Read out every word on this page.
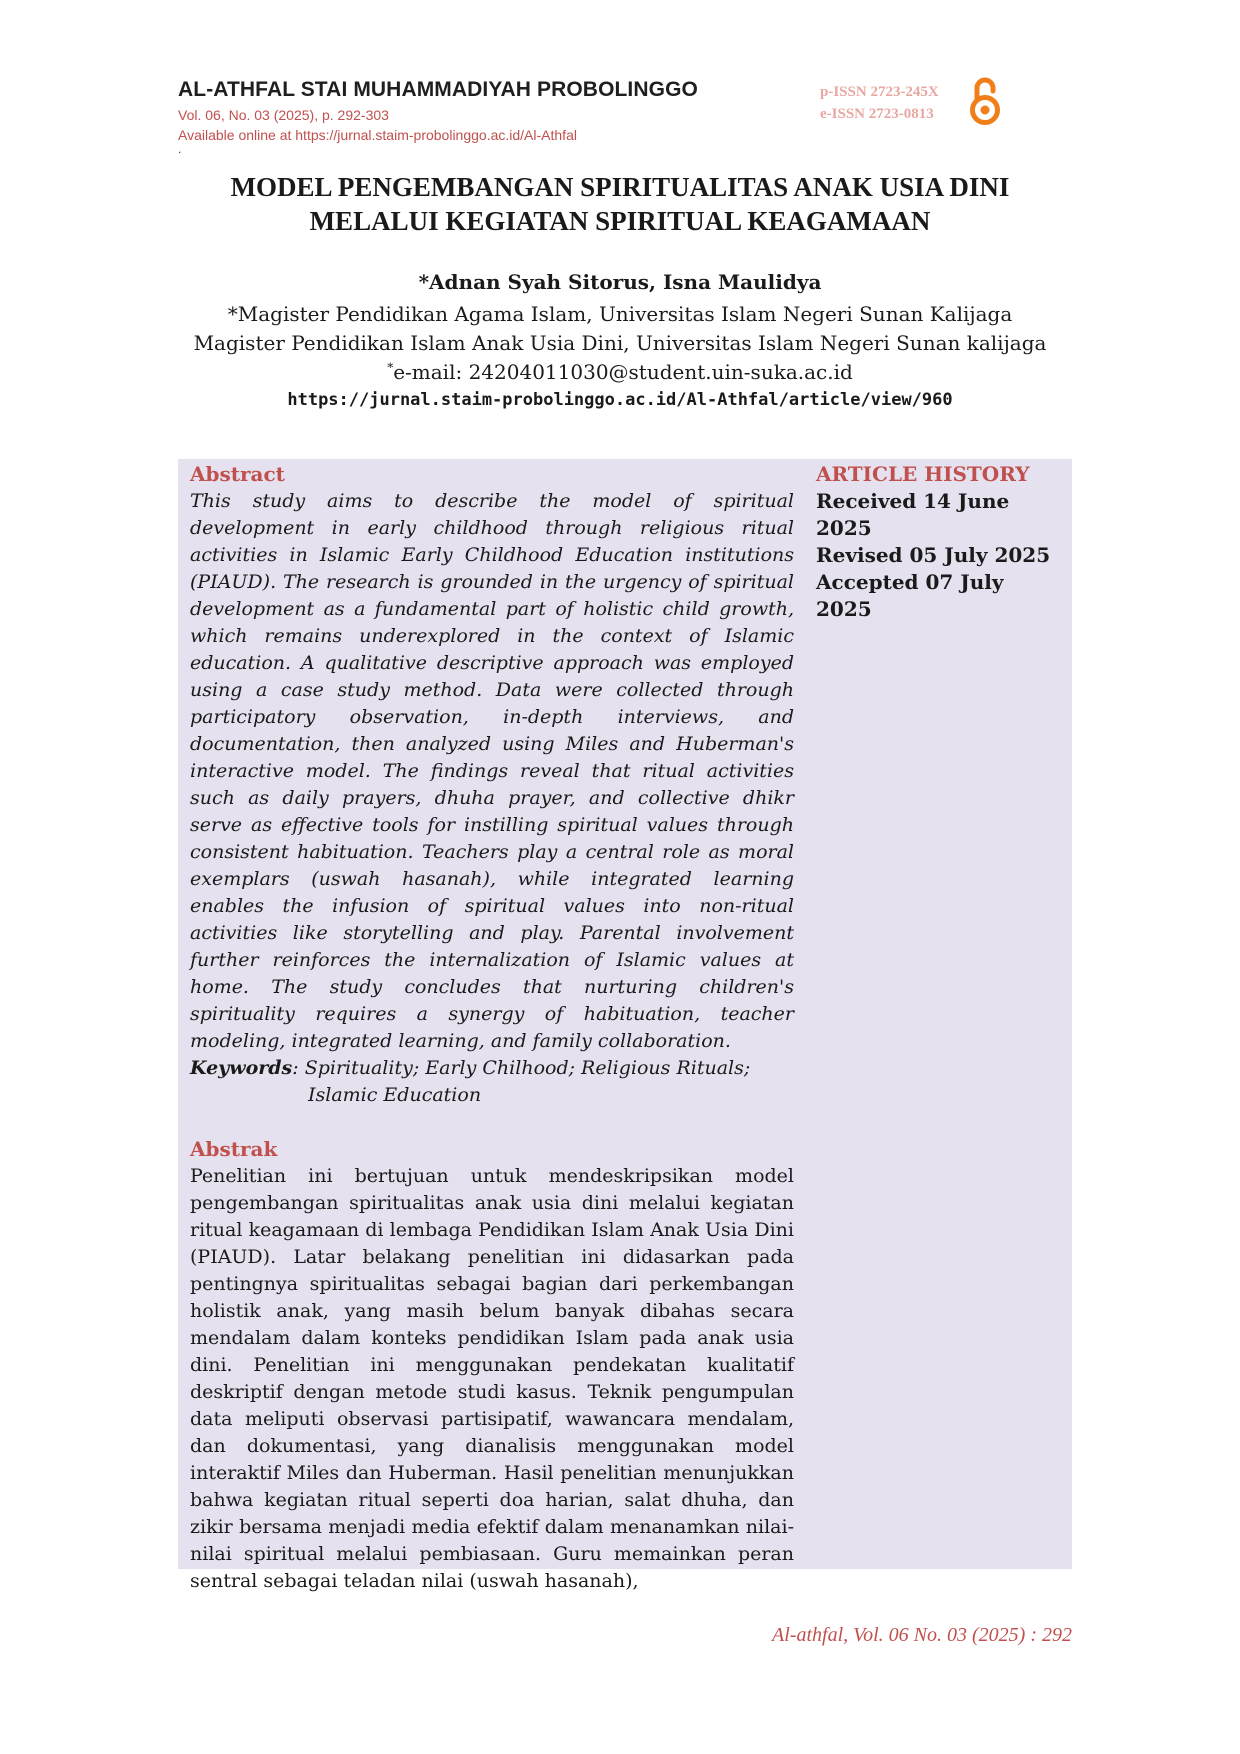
AL-ATHFAL STAI MUHAMMADIYAH PROBOLINGGO
Vol. 06, No. 03 (2025), p. 292-303
Available online at https://jurnal.staim-probolinggo.ac.id/Al-Athfal
.
p-ISSN 2723-245X
e-ISSN 2723-0813
MODEL PENGEMBANGAN SPIRITUALITAS ANAK USIA DINI
MELALUI KEGIATAN SPIRITUAL KEAGAMAAN
*Adnan Syah Sitorus, Isna Maulidya
*Magister Pendidikan Agama Islam, Universitas Islam Negeri Sunan Kalijaga
Magister Pendidikan Islam Anak Usia Dini, Universitas Islam Negeri Sunan kalijaga
*e-mail: 24204011030@student.uin-suka.ac.id
https://jurnal.staim-probolinggo.ac.id/Al-Athfal/article/view/960
Abstract
This study aims to describe the model of spiritual development in early childhood through religious ritual activities in Islamic Early Childhood Education institutions (PIAUD). The research is grounded in the urgency of spiritual development as a fundamental part of holistic child growth, which remains underexplored in the context of Islamic education. A qualitative descriptive approach was employed using a case study method. Data were collected through participatory observation, in-depth interviews, and documentation, then analyzed using Miles and Huberman's interactive model. The findings reveal that ritual activities such as daily prayers, dhuha prayer, and collective dhikr serve as effective tools for instilling spiritual values through consistent habituation. Teachers play a central role as moral exemplars (uswah hasanah), while integrated learning enables the infusion of spiritual values into non-ritual activities like storytelling and play. Parental involvement further reinforces the internalization of Islamic values at home. The study concludes that nurturing children's spirituality requires a synergy of habituation, teacher modeling, integrated learning, and family collaboration.
Keywords : Spirituality; Early Chilhood; Religious Rituals;
Islamic Education
Abstrak
Penelitian ini bertujuan untuk mendeskripsikan model pengembangan spiritualitas anak usia dini melalui kegiatan ritual keagamaan di lembaga Pendidikan Islam Anak Usia Dini (PIAUD). Latar belakang penelitian ini didasarkan pada pentingnya spiritualitas sebagai bagian dari perkembangan holistik anak, yang masih belum banyak dibahas secara mendalam dalam konteks pendidikan Islam pada anak usia dini. Penelitian ini menggunakan pendekatan kualitatif deskriptif dengan metode studi kasus. Teknik pengumpulan data meliputi observasi partisipatif, wawancara mendalam, dan dokumentasi, yang dianalisis menggunakan model interaktif Miles dan Huberman. Hasil penelitian menunjukkan bahwa kegiatan ritual seperti doa harian, salat dhuha, dan zikir bersama menjadi media efektif dalam menanamkan nilai-nilai spiritual melalui pembiasaan. Guru memainkan peran sentral sebagai teladan nilai (uswah hasanah),
ARTICLE HISTORY
Received 14 June 2025
Revised 05 July 2025
Accepted 07 July 2025
Al-athfal, Vol. 06 No. 03 (2025) : 292
